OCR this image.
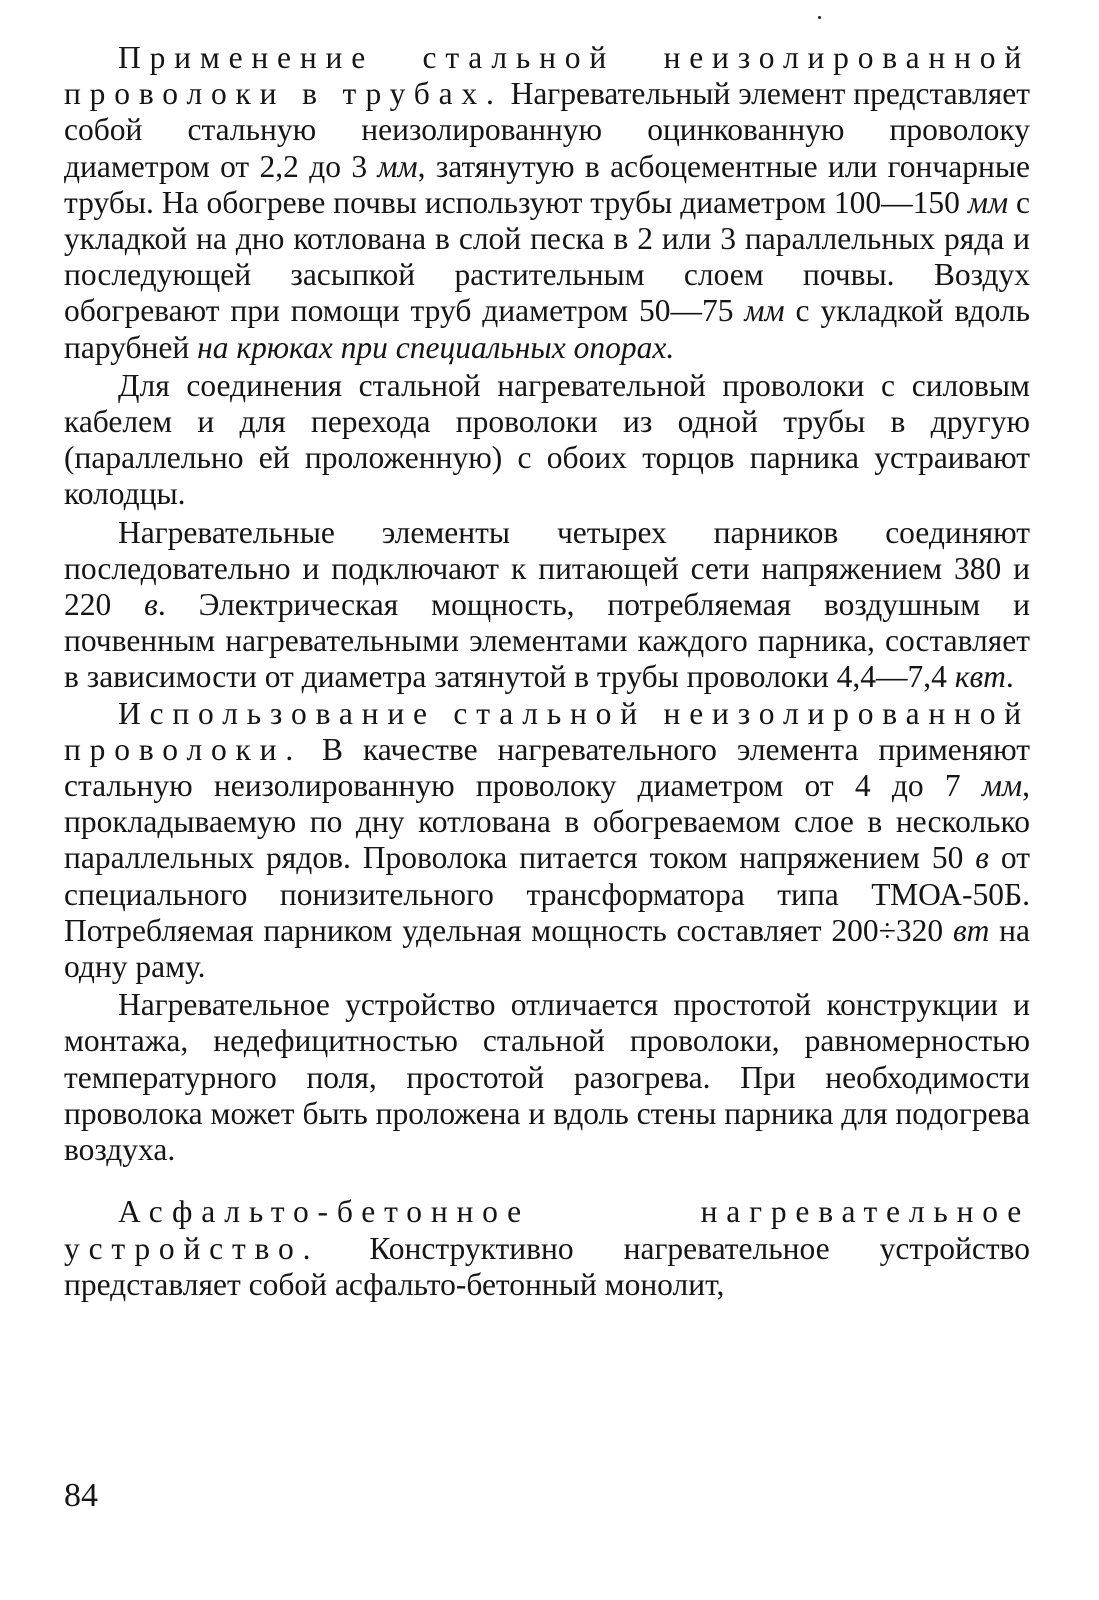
Применение стальной неизолированной проволоки в трубах. Нагревательный элемент представляет собой стальную неизолированную оцинкованную проволоку диаметром от 2,2 до 3 мм, затянутую в асбоцементные или гончарные трубы. На обогреве почвы используют трубы диаметром 100—150 мм с укладкой на дно котлована в слой песка в 2 или 3 параллельных ряда и последующей засыпкой растительным слоем почвы. Воздух обогревают при помощи труб диаметром 50—75 мм с укладкой вдоль парубней на крюках при специальных опорах.

Для соединения стальной нагревательной проволоки с силовым кабелем и для перехода проволоки из одной трубы в другую (параллельно ей проложенную) с обоих торцов парника устраивают колодцы.

Нагревательные элементы четырех парников соединяют последовательно и подключают к питающей сети напряжением 380 и 220 в. Электрическая мощность, потребляемая воздушным и почвенным нагревательными элементами каждого парника, составляет в зависимости от диаметра затянутой в трубы проволоки 4,4—7,4 квт.

Использование стальной неизолированной проволоки. В качестве нагревательного элемента применяют стальную неизолированную проволоку диаметром от 4 до 7 мм, прокладываемую по дну котлована в обогреваемом слое в несколько параллельных рядов. Проволока питается током напряжением 50 в от специального понизительного трансформатора типа ТМОА-50Б. Потребляемая парником удельная мощность составляет 200÷320 вт на одну раму.

Нагревательное устройство отличается простотой конструкции и монтажа, недефицитностью стальной проволоки, равномерностью температурного поля, простотой разогрева. При необходимости проволока может быть проложена и вдоль стены парника для подогрева воздуха.

Асфальто-бетонное нагревательное устройство. Конструктивно нагревательное устройство представляет собой асфальто-бетонный монолит,

84
